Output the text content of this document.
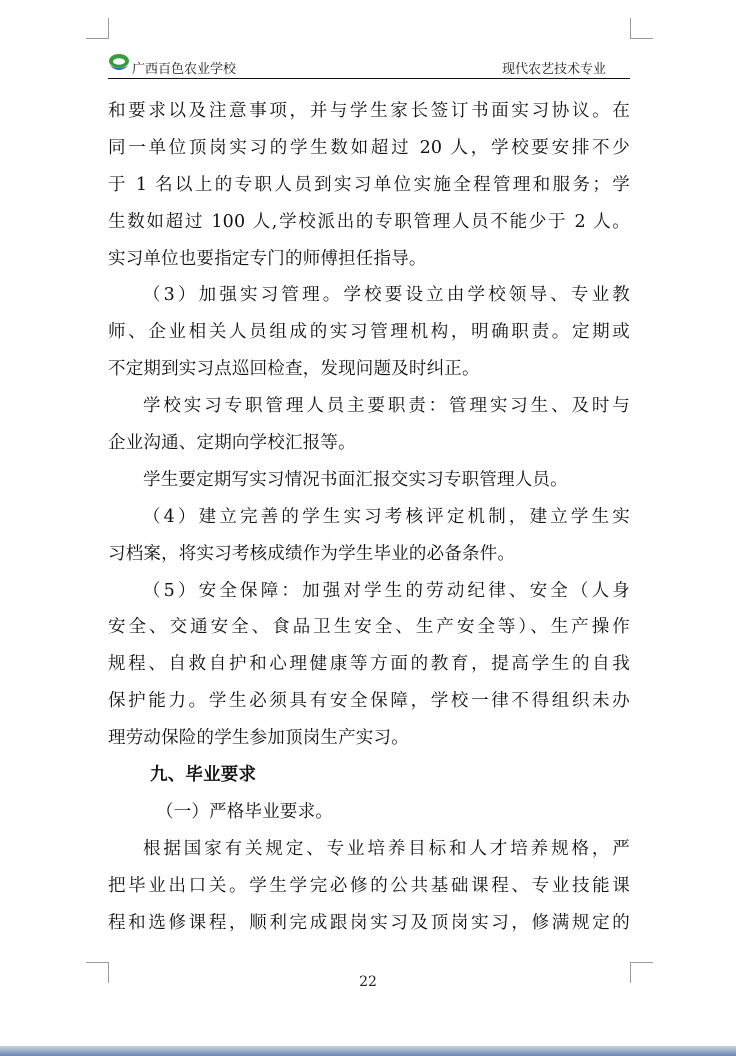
广西百色农业学校	现代农艺技术专业
和要求以及注意事项，并与学生家长签订书面实习协议。在
同一单位顶岗实习的学生数如超过 20 人，学校要安排不少
于 1 名以上的专职人员到实习单位实施全程管理和服务；学
生数如超过 100 人,学校派出的专职管理人员不能少于 2 人。
实习单位也要指定专门的师傅担任指导。
（3）加强实习管理。学校要设立由学校领导、专业教
师、企业相关人员组成的实习管理机构，明确职责。定期或
不定期到实习点巡回检查，发现问题及时纠正。
学校实习专职管理人员主要职责：管理实习生、及时与
企业沟通、定期向学校汇报等。
学生要定期写实习情况书面汇报交实习专职管理人员。
（4）建立完善的学生实习考核评定机制，建立学生实
习档案，将实习考核成绩作为学生毕业的必备条件。
（5）安全保障：加强对学生的劳动纪律、安全（人身
安全、交通安全、食品卫生安全、生产安全等）、生产操作
规程、自救自护和心理健康等方面的教育，提高学生的自我
保护能力。学生必须具有安全保障，学校一律不得组织未办
理劳动保险的学生参加顶岗生产实习。
九、毕业要求
（一）严格毕业要求。
根据国家有关规定、专业培养目标和人才培养规格，严
把毕业出口关。学生学完必修的公共基础课程、专业技能课
程和选修课程，顺利完成跟岗实习及顶岗实习，修满规定的
22
